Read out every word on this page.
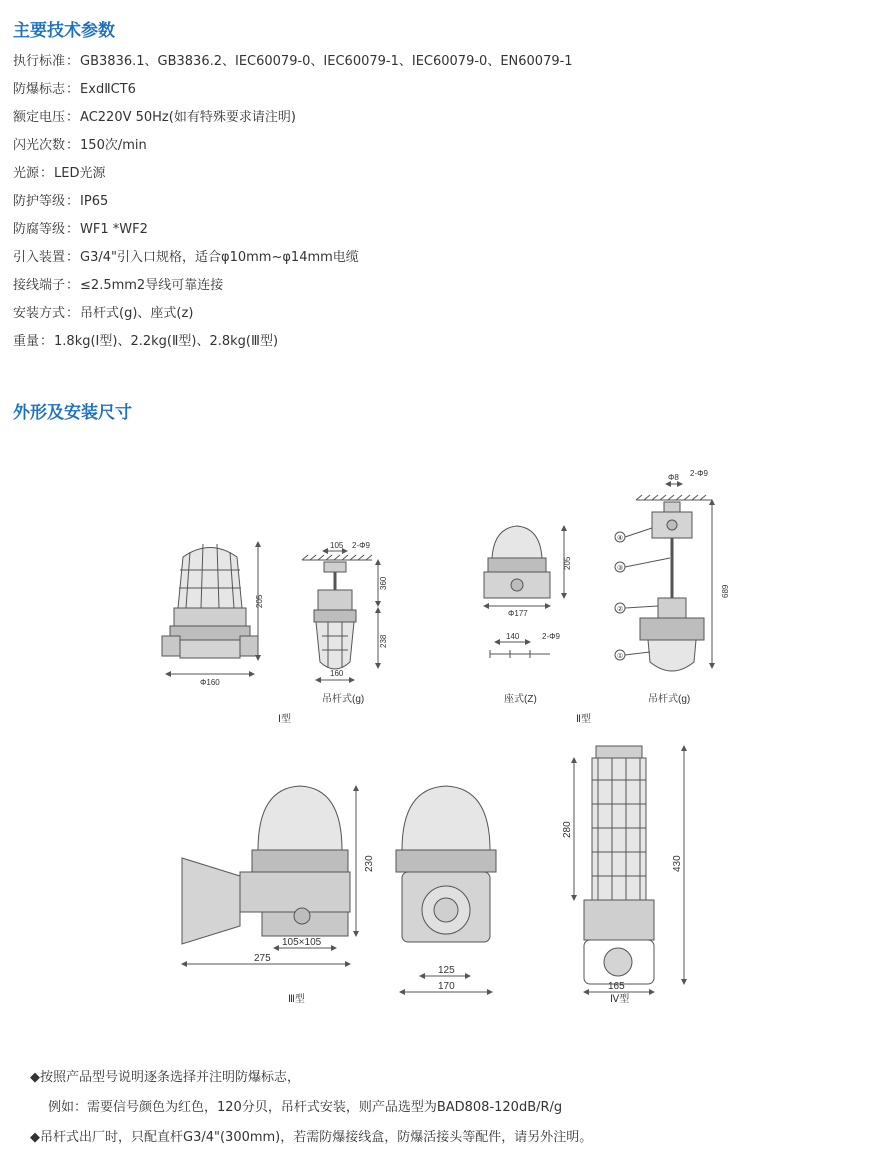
主要技术参数
执行标准：GB3836.1、GB3836.2、IEC60079-0、IEC60079-1、IEC60079-0、EN60079-1
防爆标志：ExdⅡCT6
额定电压：AC220V 50Hz(如有特殊要求请注明)
闪光次数：150次/min
光源：LED光源
防护等级：IP65
防腐等级：WF1 *WF2
引入装置：G3/4"引入口规格，适合φ10mm~φ14mm电缆
接线端子：≤2.5mm2导线可靠连接
安装方式：吊杆式(g)、座式(z)
重量：1.8kg(Ⅰ型)、2.2kg(Ⅱ型)、2.8kg(Ⅲ型)
外形及安装尺寸
205
Φ160
105 2-Φ9
360
238
160
205
Φ177
140	2-Φ9
Φ8 2-Φ9
689
④
③
②
①
吊杆式(g)
Ⅰ型
座式(Z)	吊杆式(g)
Ⅱ型
230
105×105
275
125
170
Ⅲ型
280
430
165
Ⅳ型
◆按照产品型号说明逐条选择并注明防爆标志，
例如：需要信号颜色为红色，120分贝，吊杆式安装，则产品选型为BAD808-120dB/R/g
◆吊杆式出厂时，只配直杆G3/4"(300mm)，若需防爆接线盒，防爆活接头等配件，请另外注明。
